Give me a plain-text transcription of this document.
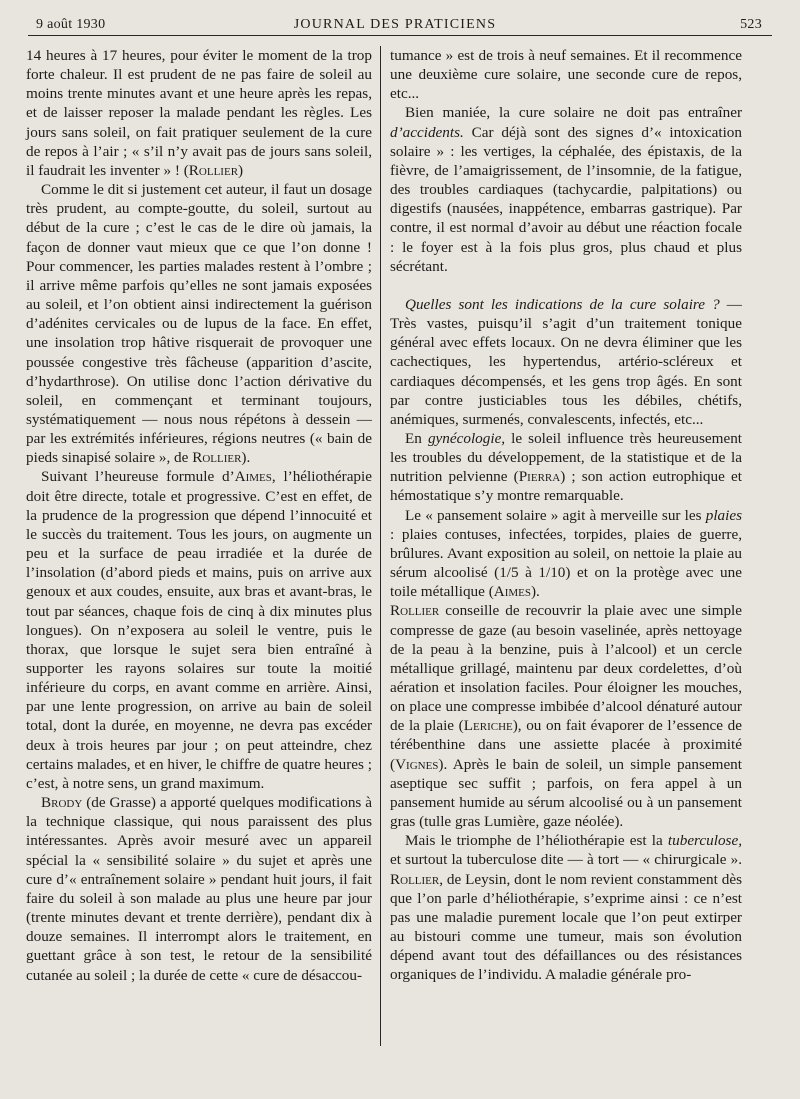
9 août 1930	JOURNAL DES PRATICIENS	523

14 heures à 17 heures, pour éviter le moment de la trop forte chaleur. Il est prudent de ne pas faire de soleil au moins trente minutes avant et une heure après les repas, et de laisser reposer la malade pendant les règles. Les jours sans soleil, on fait pratiquer seulement de la cure de repos à l’air ; « s’il n’y avait pas de jours sans soleil, il faudrait les inventer » ! (Rollier)

Comme le dit si justement cet auteur, il faut un dosage très prudent, au compte-goutte, du soleil, surtout au début de la cure ; c’est le cas de le dire où jamais, la façon de donner vaut mieux que ce que l’on donne ! Pour commencer, les parties malades restent à l’ombre ; il arrive même parfois qu’elles ne sont jamais exposées au soleil, et l’on obtient ainsi indirectement la guérison d’adénites cervicales ou de lupus de la face. En effet, une insolation trop hâtive risquerait de provoquer une poussée congestive très fâcheuse (apparition d’ascite, d’hydarthrose). On utilise donc l’action dérivative du soleil, en commençant et terminant toujours, systématiquement — nous nous répétons à dessein — par les extrémités inférieures, régions neutres (« bain de pieds sinapisé solaire », de Rollier).

Suivant l’heureuse formule d’Aimes, l’héliothérapie doit être directe, totale et progressive. C’est en effet, de la prudence de la progression que dépend l’innocuité et le succès du traitement. Tous les jours, on augmente un peu et la surface de peau irradiée et la durée de l’insolation (d’abord pieds et mains, puis on arrive aux genoux et aux coudes, ensuite, aux bras et avant-bras, le tout par séances, chaque fois de cinq à dix minutes plus longues). On n’exposera au soleil le ventre, puis le thorax, que lorsque le sujet sera bien entraîné à supporter les rayons solaires sur toute la moitié inférieure du corps, en avant comme en arrière. Ainsi, par une lente progression, on arrive au bain de soleil total, dont la durée, en moyenne, ne devra pas excéder deux à trois heures par jour ; on peut atteindre, chez certains malades, et en hiver, le chiffre de quatre heures ; c’est, à notre sens, un grand maximum.

Brody (de Grasse) a apporté quelques modifications à la technique classique, qui nous paraissent des plus intéressantes. Après avoir mesuré avec un appareil spécial la « sensibilité solaire » du sujet et après une cure d’« entraînement solaire » pendant huit jours, il fait faire du soleil à son malade au plus une heure par jour (trente minutes devant et trente derrière), pendant dix à douze semaines. Il interrompt alors le traitement, en guettant grâce à son test, le retour de la sensibilité cutanée au soleil ; la durée de cette « cure de désaccou-

tumance » est de trois à neuf semaines. Et il recommence une deuxième cure solaire, une seconde cure de repos, etc...

Bien maniée, la cure solaire ne doit pas entraîner d’accidents. Car déjà sont des signes d’« intoxication solaire » : les vertiges, la céphalée, des épistaxis, de la fièvre, de l’amaigrissement, de l’insomnie, de la fatigue, des troubles cardiaques (tachycardie, palpitations) ou digestifs (nausées, inappétence, embarras gastrique). Par contre, il est normal d’avoir au début une réaction focale : le foyer est à la fois plus gros, plus chaud et plus sécrétant.

Quelles sont les indications de la cure solaire ? — Très vastes, puisqu’il s’agit d’un traitement tonique général avec effets locaux. On ne devra éliminer que les cachectiques, les hypertendus, artério-scléreux et cardiaques décompensés, et les gens trop âgés. En sont par contre justiciables tous les débiles, chétifs, anémiques, surmenés, convalescents, infectés, etc...

En gynécologie, le soleil influence très heureusement les troubles du développement, de la statistique et de la nutrition pelvienne (Pierra) ; son action eutrophique et hémostatique s’y montre remarquable.

Le « pansement solaire » agit à merveille sur les plaies : plaies contuses, infectées, torpides, plaies de guerre, brûlures. Avant exposition au soleil, on nettoie la plaie au sérum alcoolisé (1/5 à 1/10) et on la protège avec une toile métallique (Aimes).

Rollier conseille de recouvrir la plaie avec une simple compresse de gaze (au besoin vaselinée, après nettoyage de la peau à la benzine, puis à l’alcool) et un cercle métallique grillagé, maintenu par deux cordelettes, d’où aération et insolation faciles. Pour éloigner les mouches, on place une compresse imbibée d’alcool dénaturé autour de la plaie (Leriche), ou on fait évaporer de l’essence de térébenthine dans une assiette placée à proximité (Vignes). Après le bain de soleil, un simple pansement aseptique sec suffit ; parfois, on fera appel à un pansement humide au sérum alcoolisé ou à un pansement gras (tulle gras Lumière, gaze néolée).

Mais le triomphe de l’héliothérapie est la tuberculose, et surtout la tuberculose dite — à tort — « chirurgicale ». Rollier, de Leysin, dont le nom revient constamment dès que l’on parle d’héliothérapie, s’exprime ainsi : ce n’est pas une maladie purement locale que l’on peut extirper au bistouri comme une tumeur, mais son évolution dépend avant tout des défaillances ou des résistances organiques de l’individu. A maladie générale pro-
